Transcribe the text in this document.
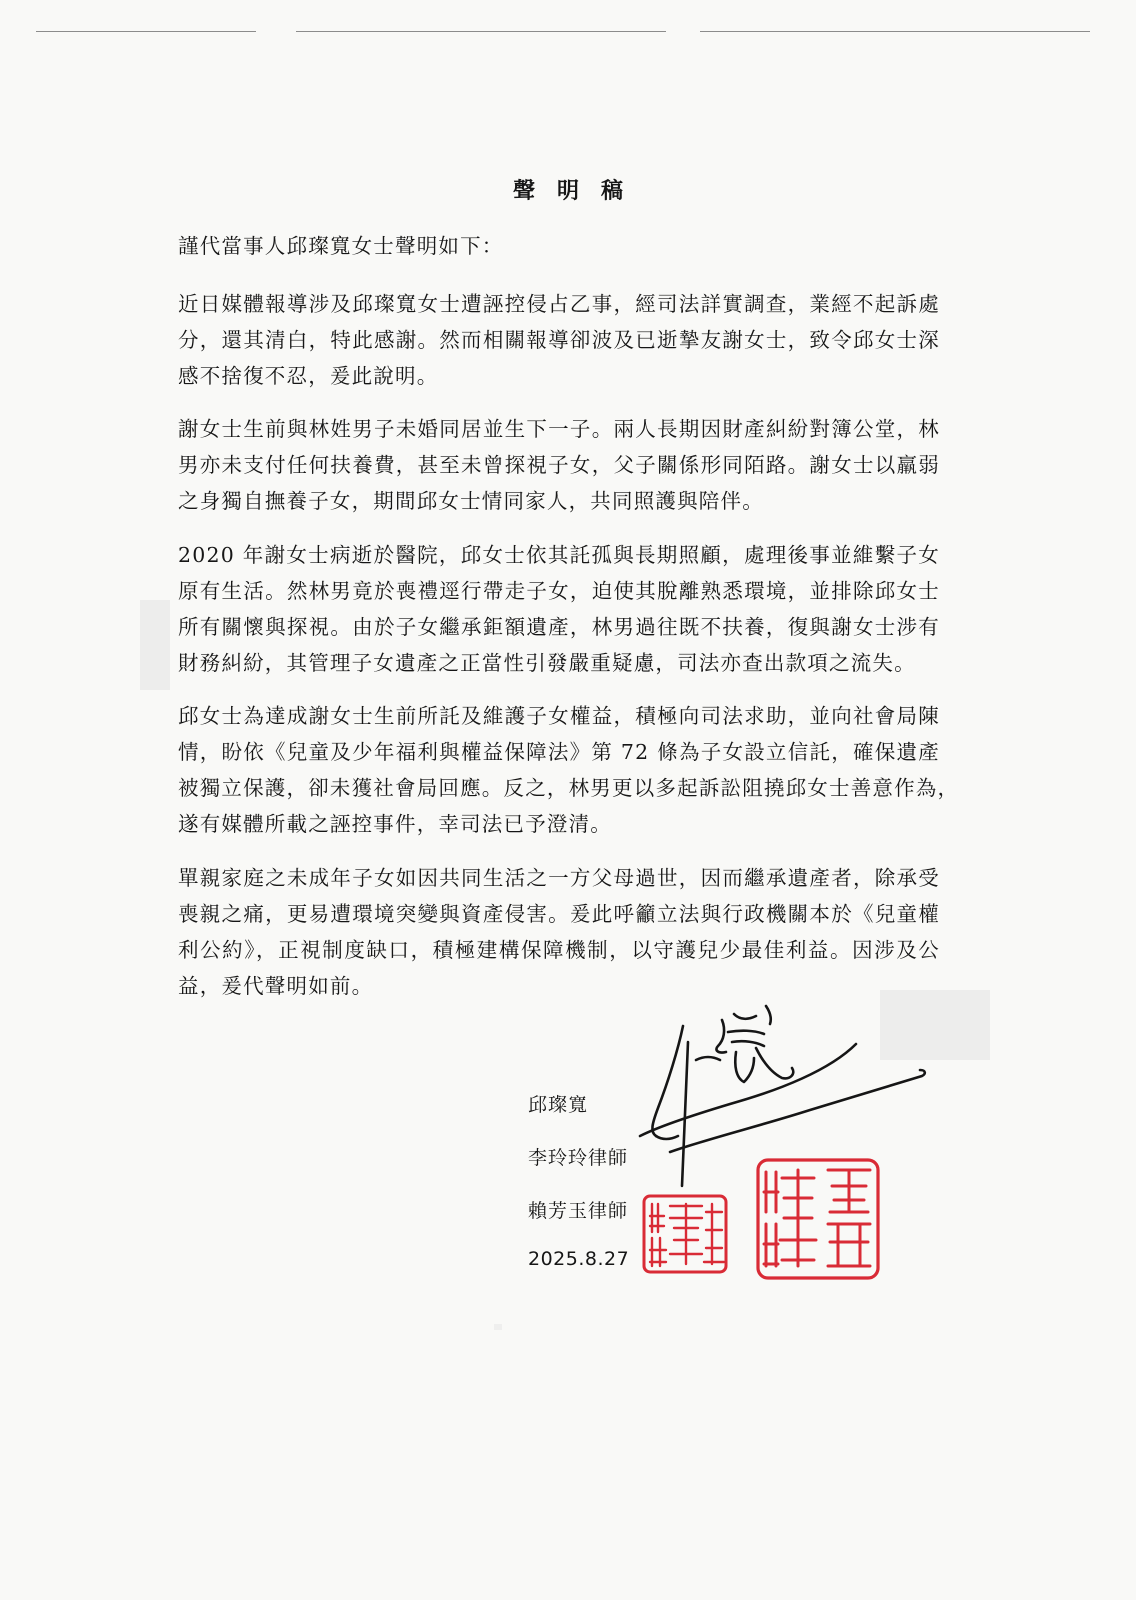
聲明稿
謹代當事人邱璨寬女士聲明如下：
近日媒體報導涉及邱璨寬女士遭誣控侵占乙事，經司法詳實調查，業經不起訴處
分，還其清白，特此感謝。然而相關報導卻波及已逝摯友謝女士，致令邱女士深
感不捨復不忍，爰此說明。
謝女士生前與林姓男子未婚同居並生下一子。兩人長期因財產糾紛對簿公堂，林
男亦未支付任何扶養費，甚至未曾探視子女，父子關係形同陌路。謝女士以羸弱
之身獨自撫養子女，期間邱女士情同家人，共同照護與陪伴。
2020 年謝女士病逝於醫院，邱女士依其託孤與長期照顧，處理後事並維繫子女
原有生活。然林男竟於喪禮逕行帶走子女，迫使其脫離熟悉環境，並排除邱女士
所有關懷與探視。由於子女繼承鉅額遺產，林男過往既不扶養，復與謝女士涉有
財務糾紛，其管理子女遺產之正當性引發嚴重疑慮，司法亦查出款項之流失。
邱女士為達成謝女士生前所託及維護子女權益，積極向司法求助，並向社會局陳
情，盼依《兒童及少年福利與權益保障法》第 72 條為子女設立信託，確保遺產
被獨立保護，卻未獲社會局回應。反之，林男更以多起訴訟阻撓邱女士善意作為，
遂有媒體所載之誣控事件，幸司法已予澄清。
單親家庭之未成年子女如因共同生活之一方父母過世，因而繼承遺產者，除承受
喪親之痛，更易遭環境突變與資產侵害。爰此呼籲立法與行政機關本於《兒童權
利公約》，正視制度缺口，積極建構保障機制，以守護兒少最佳利益。因涉及公
益，爰代聲明如前。
邱璨寬
李玲玲律師
賴芳玉律師
2025.8.27
